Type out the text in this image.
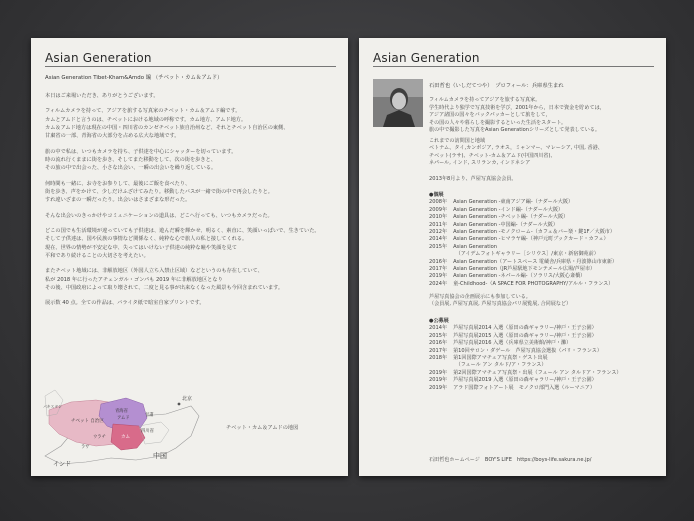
Asian Generation
Asian Generation Tibet-Kham&Amdo 編 （チベット・カム＆アムド）

本日はご来場いただき、ありがとうございます。

フィルムカメラを持って、アジアを旅する写真家のチベット・カム＆アムド編です。
カムとアムドと言うのは、チベットにおける地域の呼称です。カム地方、アムド地方。
カム＆アムド地方は現在の中国・四川省のカンゼチベット族自治州など、それとチベット自治区の東側、
甘粛省の一部、青海省の大部分を占める広大な地域です。

旅の中で私は、いつもカメラを持ち、子供達を中心にシャッターを切っています。
時の流れ行くままに街を歩き、そしてまた移動をして、次の街を歩きと、
その旅の中で出会った、小さな出会い、一瞬の出会いを繰り返している。

何時間も一緒に、お寺をお参りして、最後にご飯を食べたり、
街を歩き、声をかけて、少しだけふざけてみたり。移動したバスが一緒で街の中で再会したりと。
すれ違いざまの一瞬だったり。出会いはさまざまな形だった。

そんな出会いのきっかけやコミュニケーションの道具は、どこへ行っても、いつもカメラだった。

どこの国でも生活環境が違っていても子供達は、遊んだ瞬を輝かせ、明るく、素直に、笑顔いっぱいで、生きていた。
そして子供達は、国や民族の事情など関係なく、純粋な心で旅人の私と接してくれる。
現在、世界の情勢が不安定な中、失ってはいけない子供達の純粋な瞳や笑顔を見て
平和であり続けることの大切さを考えたい。

またチベット地域には、非解放地区（外国人立ち入禁止区域）などというのも存在していて、
私が 2018 年に行ったアチェンガル・ゴンパも 2019 年に非解放地区となり
その後、中国政府によって取り壊されて、二度と見る事が出来なくなった風景も今回含まれています。

展示数 40 点。全ての作品は、バライタ紙で暗室自家プリントです。

北京
チベット 自治区
青海省
アムド
甘粛
ウラチ
四川省
カム
ラサ
インド
中国
パキスタン
チベット・カム＆アムドの地図
Asian Generation
石田哲也（いしだてつや）　プロフィール：兵庫県生まれ

フィルムカメラを持ってアジアを旅する写真家。
学生時代より独学で写真技術を学び，2001年から，日本で資金を貯めては，
アジア諸国の国々をバックパッカーとして旅をして，
その国の人々や暮らしを撮影するといった生活をスタート。
旅の中で撮影した写真をAsian Generationシリーズとして発表している。

これまでの訪問国と地域

ベトナム、タイ,カンボジア, ラオス，ミャンマー、マレーシア, 中国, 香港、
チベット(ラサ)、チベット-カム＆アムド(中国四川省)、
ネパール, インド, スリランカ, インドネシア

2013年8月より、芦屋写真協会会員。

●個展

2008年	Asian Generation -東南アジア編-（ナダール大阪）
2009年	Asian Generation -インド編-（ナダール大阪）
2010年	Asian Generation -チベット編-（ナダール大阪）
2011年	Asian Generation -中国編-（ナダール大阪）
2012年	Asian Generation -モノクローム-（カフェ＆バー楽・鍵1F／大阪市）
2014年	Asian Generation -ヒマラヤ編-（神戸元町ブックカード・カフェ）
2015年	Asian Generation
	　（アイデムフォトギャラリー［シリウス］/東京・新宿御苑前）
2016年	Asian Generation（アートスペース 電蔵舎/兵庫県・丹波篠山市東新）
2017年	Asian Generation（JR芦屋駅地下モンテメール広場/芦屋市）
2019年	Asian Generation -ネパール編-（ソラリス/大阪心斎橋）
2024年	童-Childhood-（A SPACE FOR PHOTOGRAPHY/アルル・フランス）

芦屋写真協会の企画展示にも参加している。
（会員展, 芦屋写真展, 芦屋写真協会パリ展覧展, 合同展など）

●公募展

2014年	芦屋写真展2014 入選（原田の森ギャラリー/神戸・王子公園）
2015年	芦屋写真展2015 入選（原田の森ギャラリー/神戸・王子公園）
2016年	芦屋写真展2016 入選（兵庫県立美術館/神戸・灘）
2017年	第10回サロン・ダゲール　芦屋写真協会選抜（パリ・フランス）
2018年	第1回国際アマチュア写真祭・ゲスト出展
	　（フュール アン タルド/ア・フランス）
2019年	第2回国際アマチュア写真祭・出展（フュール アン タルドア・フランス）
2019年	芦屋写真展2019 入選（原田の森ギャラリー/神戸・王子公園）
2019年	アラド国際フォトアート展　モノクロ部門入選（ルーマニア）
石田哲也ホームページ　BOY'S LIFE　https://boys-life.sakura.ne.jp/
